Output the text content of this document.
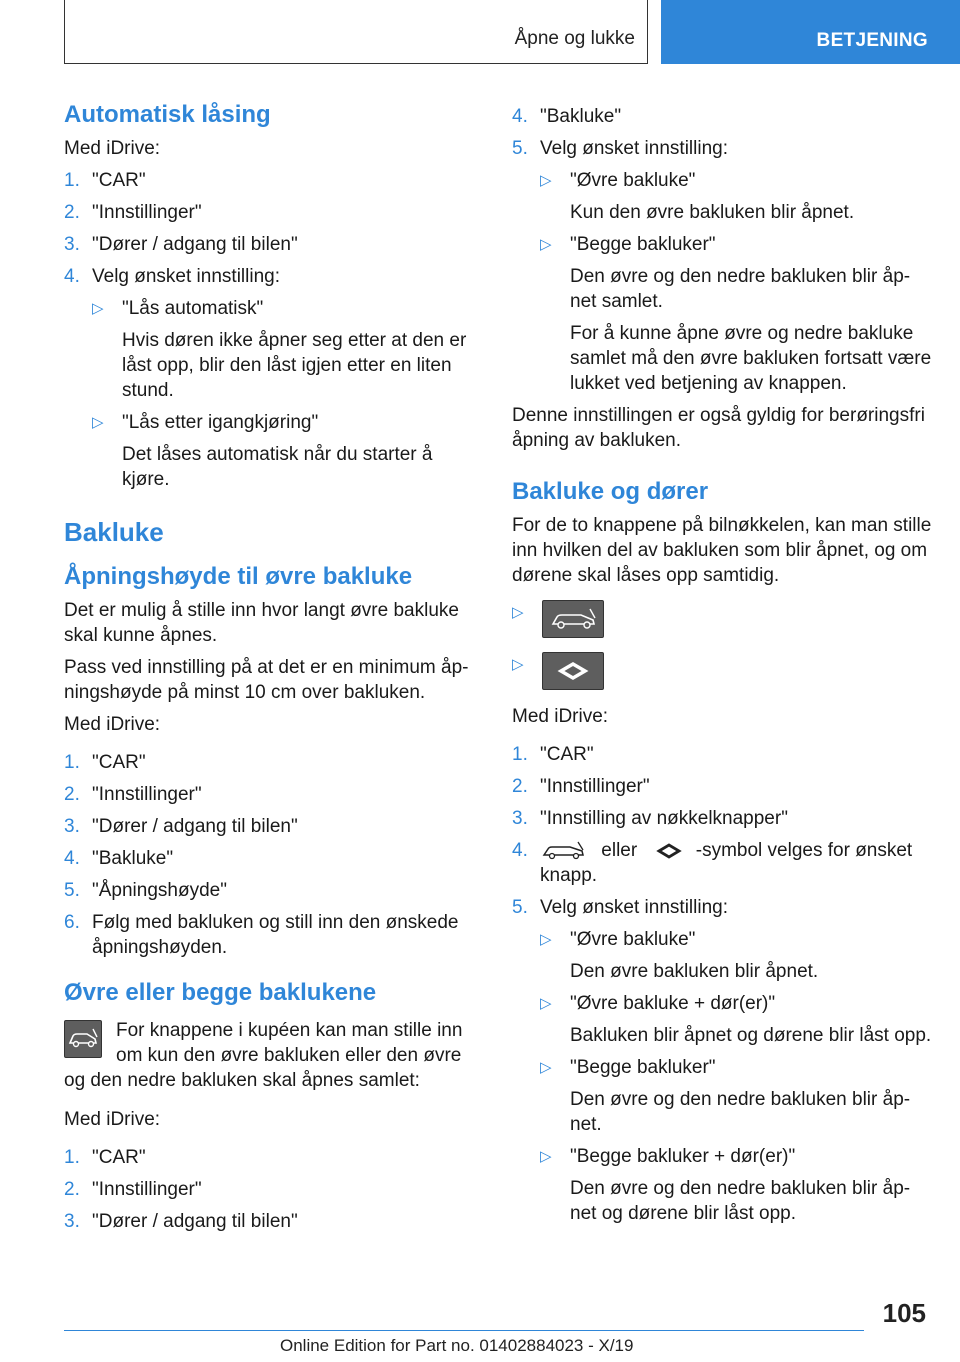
Åpne og lukke	BETJENING
Automatisk låsing

Med iDrive:

1. "CAR"
2. "Innstillinger"
3. "Dører / adgang til bilen"
4. Velg ønsket innstilling:
▷ "Lås automatisk"
Hvis døren ikke åpner seg etter at den er låst opp, blir den låst igjen etter en liten stund.
▷ "Lås etter igangkjøring"
Det låses automatisk når du starter å kjøre.
Bakluke
Åpningshøyde til øvre bakluke

Det er mulig å stille inn hvor langt øvre bakluke skal kunne åpnes.

Pass ved innstilling på at det er en minimum åp‐ningshøyde på minst 10 cm over bakluken.

Med iDrive:

1. "CAR"
2. "Innstillinger"
3. "Dører / adgang til bilen"
4. "Bakluke"
5. "Åpningshøyde"
6. Følg med bakluken og still inn den ønskede åpningshøyden.
Øvre eller begge baklukene

For knappene i kupéen kan man stille inn om kun den øvre bakluken eller den øvre og den nedre bakluken skal åpnes samlet:

Med iDrive:

1. "CAR"
2. "Innstillinger"
3. "Dører / adgang til bilen"
4. "Bakluke"
5. Velg ønsket innstilling:
▷ "Øvre bakluke"
Kun den øvre bakluken blir åpnet.
▷ "Begge bakluker"
Den øvre og den nedre bakluken blir åp‐net samlet.
For å kunne åpne øvre og nedre bakluke samlet må den øvre bakluken fortsatt være lukket ved betjening av knappen.

Denne innstillingen er også gyldig for berøringsfri åpning av bakluken.

Bakluke og dører

For de to knappene på bilnøkkelen, kan man stille inn hvilken del av bakluken som blir åpnet, og om dørene skal låses opp samtidig.

▷
▷

Med iDrive:

1. "CAR"
2. "Innstillinger"
3. "Innstilling av nøkkelknapper"
4.	eller	-symbol velges for ønsket
knapp.
5. Velg ønsket innstilling:
▷ "Øvre bakluke"
Den øvre bakluken blir åpnet.
▷ "Øvre bakluke + dør(er)"
Bakluken blir åpnet og dørene blir låst opp.
▷ "Begge bakluker"
Den øvre og den nedre bakluken blir åp‐net.
▷ "Begge bakluker + dør(er)"
Den øvre og den nedre bakluken blir åp‐net og dørene blir låst opp.
105
Online Edition for Part no. 01402884023 - X/19
